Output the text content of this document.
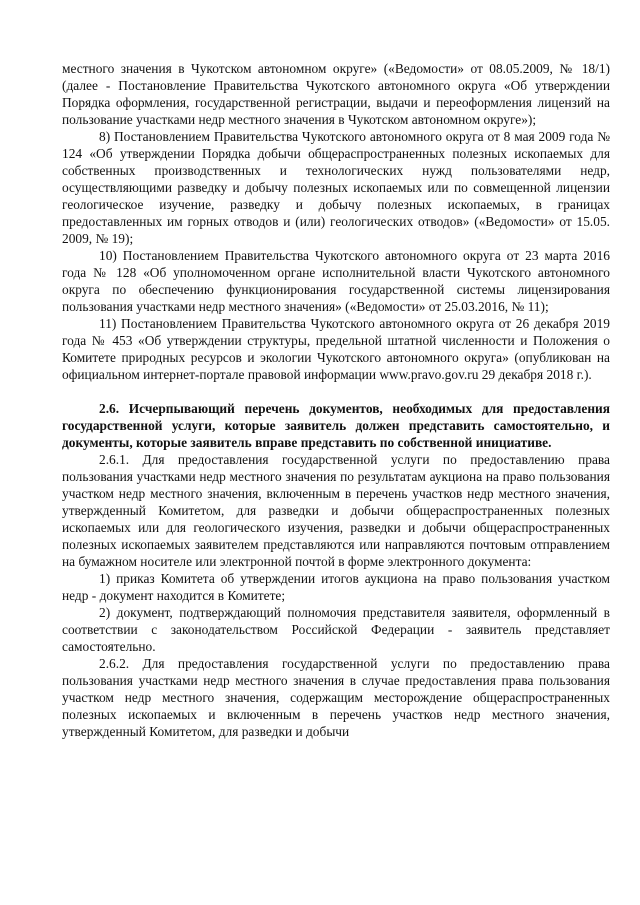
местного значения в Чукотском автономном округе» («Ведомости» от 08.05.2009, № 18/1) (далее - Постановление Правительства Чукотского автономного округа «Об утверждении Порядка оформления, государственной регистрации, выдачи и переоформления лицензий на пользование участками недр местного значения в Чукотском автономном округе»);

8) Постановлением Правительства Чукотского автономного округа от 8 мая 2009 года № 124 «Об утверждении Порядка добычи общераспространенных полезных ископаемых для собственных производственных и технологических нужд пользователями недр, осуществляющими разведку и добычу полезных ископаемых или по совмещенной лицензии геологическое изучение, разведку и добычу полезных ископаемых, в границах предоставленных им горных отводов и (или) геологических отводов» («Ведомости» от 15.05. 2009, № 19);

10) Постановлением Правительства Чукотского автономного округа от 23 марта 2016 года № 128 «Об уполномоченном органе исполнительной власти Чукотского автономного округа по обеспечению функционирования государственной системы лицензирования пользования участками недр местного значения» («Ведомости» от 25.03.2016, № 11);

11) Постановлением Правительства Чукотского автономного округа от 26 декабря 2019 года № 453 «Об утверждении структуры, предельной штатной численности и Положения о Комитете природных ресурсов и экологии Чукотского автономного округа» (опубликован на официальном интернет-портале правовой информации www.pravo.gov.ru 29 декабря 2018 г.).

2.6. Исчерпывающий перечень документов, необходимых для предоставления государственной услуги, которые заявитель должен представить самостоятельно, и документы, которые заявитель вправе представить по собственной инициативе.

2.6.1. Для предоставления государственной услуги по предоставлению права пользования участками недр местного значения по результатам аукциона на право пользования участком недр местного значения, включенным в перечень участков недр местного значения, утвержденный Комитетом, для разведки и добычи общераспространенных полезных ископаемых или для геологического изучения, разведки и добычи общераспространенных полезных ископаемых заявителем представляются или направляются почтовым отправлением на бумажном носителе или электронной почтой в форме электронного документа:

1) приказ Комитета об утверждении итогов аукциона на право пользования участком недр - документ находится в Комитете;

2) документ, подтверждающий полномочия представителя заявителя, оформленный в соответствии с законодательством Российской Федерации - заявитель представляет самостоятельно.

2.6.2. Для предоставления государственной услуги по предоставлению права пользования участками недр местного значения в случае предоставления права пользования участком недр местного значения, содержащим месторождение общераспространенных полезных ископаемых и включенным в перечень участков недр местного значения, утвержденный Комитетом, для разведки и добычи
